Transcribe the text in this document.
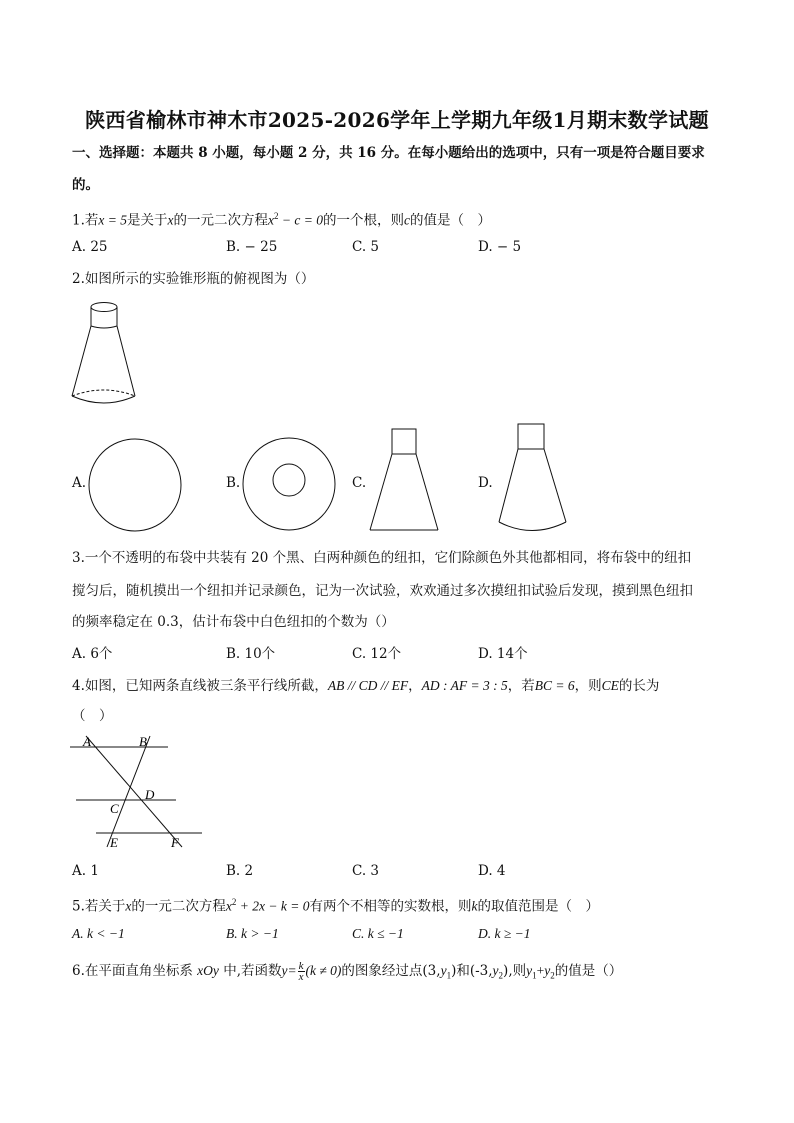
陕西省榆林市神木市2025-2026学年上学期九年级1月期末数学试题
一、选择题：本题共 8 小题，每小题 2 分，共 16 分。在每小题给出的选项中，只有一项是符合题目要求
的。
1.若x = 5是关于x的一元二次方程$x^2 - c = 0$的一个根，则c的值是（　）
A. 25	B. − 25	C. 5	D. − 5
2.如图所示的实验锥形瓶的俯视图为（）
A.	B.	C.	D.
3.一个不透明的布袋中共装有 20 个黑、白两种颜色的纽扣，它们除颜色外其他都相同，将布袋中的纽扣
搅匀后，随机摸出一个纽扣并记录颜色，记为一次试验，欢欢通过多次摸纽扣试验后发现，摸到黑色纽扣
的频率稳定在 0.3，估计布袋中白色纽扣的个数为（）
A. 6个	B. 10个	C. 12个	D. 14个
4.如图，已知两条直线被三条平行线所截，AB // CD // EF，AD : AF = 3 : 5，若BC = 6，则CE的长为
（　）
A	B
C
D
E	F
A. 1	B. 2	C. 3	D. 4
5.若关于x的一元二次方程$x^2 + 2x - k = 0$有两个不相等的实数根，则k的取值范围是（　）
A. k < −1	B. k > −1	C. k ≤ −1	D. k ≥ −1
6.在平面直角坐标系 xOy 中,若函数$y= \frac{k}{x} (k \ne 0)$的图象经过点$(3,y_1)$和$(-3,y_2)$,则$y_1+y_2$的值是（）
